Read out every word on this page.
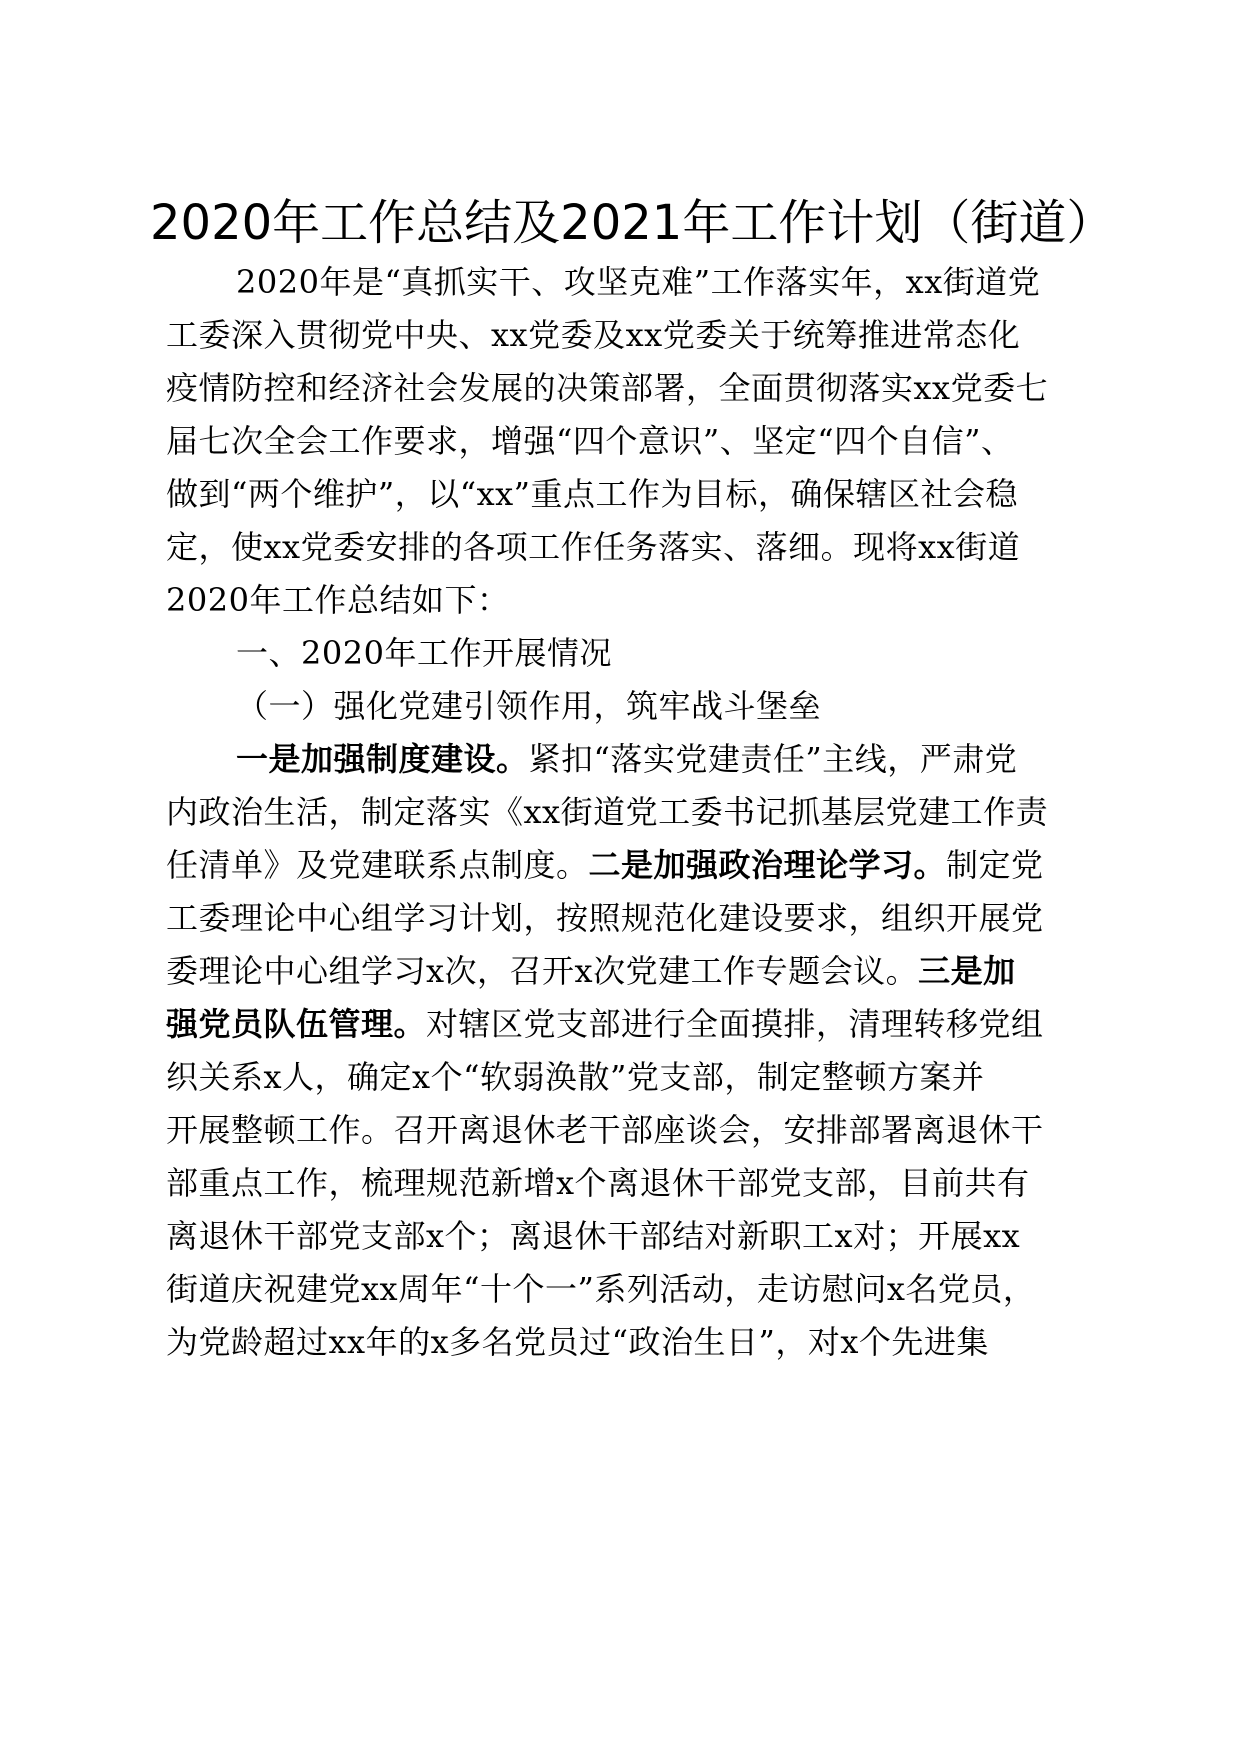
2020年工作总结及2021年工作计划（街道）
2020年是“真抓实干、攻坚克难”工作落实年，xx街道党
工委深入贯彻党中央、xx党委及xx党委关于统筹推进常态化
疫情防控和经济社会发展的决策部署，全面贯彻落实xx党委七
届七次全会工作要求，增强“四个意识”、坚定“四个自信”、
做到“两个维护”，以“xx”重点工作为目标，确保辖区社会稳
定，使xx党委安排的各项工作任务落实、落细。现将xx街道
2020年工作总结如下：
一、2020年工作开展情况
（一）强化党建引领作用，筑牢战斗堡垒
一是加强制度建设。紧扣“落实党建责任”主线，严肃党
内政治生活，制定落实《xx街道党工委书记抓基层党建工作责
任清单》及党建联系点制度。二是加强政治理论学习。制定党
工委理论中心组学习计划，按照规范化建设要求，组织开展党
委理论中心组学习x次，召开x次党建工作专题会议。三是加
强党员队伍管理。对辖区党支部进行全面摸排，清理转移党组
织关系x人，确定x个“软弱涣散”党支部，制定整顿方案并
开展整顿工作。召开离退休老干部座谈会，安排部署离退休干
部重点工作，梳理规范新增x个离退休干部党支部，目前共有
离退休干部党支部x个；离退休干部结对新职工x对；开展xx
街道庆祝建党xx周年“十个一”系列活动，走访慰问x名党员，
为党龄超过xx年的x多名党员过“政治生日”，对x个先进集
